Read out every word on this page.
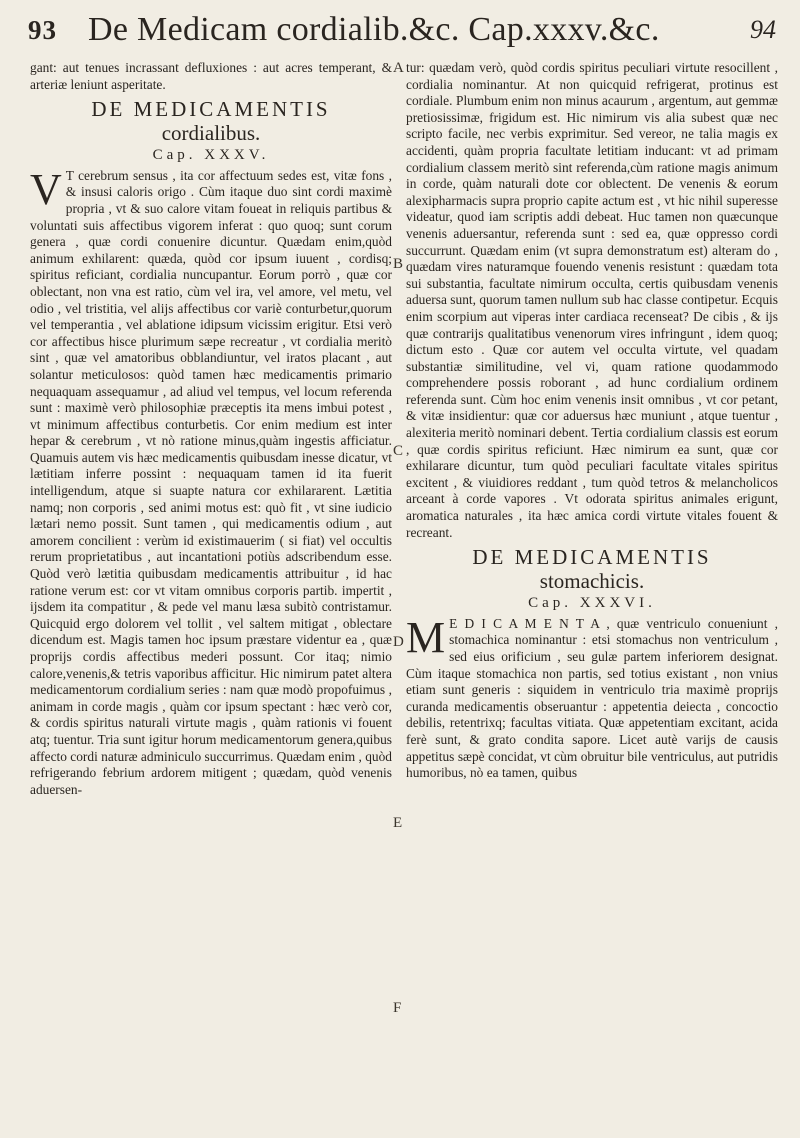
93 De Medicam cordialib.&c. Cap.xxxv.&c.	94

gant: aut tenues incrassant defluxiones : aut acres temperant, & arteriæ leniunt asperitate.

DE MEDICAMENTIS
cordialibus.
Cap. XXXV.

V T cerebrum sensus , ita cor affectuum sedes est, vitæ fons , & insusi caloris origo . Cùm itaque duo sint cordi maximè propria , vt & suo calore vitam foueat in reliquis partibus & voluntati suis affectibus vigorem inferat : quo quoq; sunt corum genera , quæ cordi conuenire dicuntur. Quædam enim,quòd animum exhilarent: quæda, quòd cor ipsum iuuent , cordisq; spiritus reficiant, cordialia nuncupantur. Eorum porrò , quæ cor oblectant, non vna est ratio, cùm vel ira, vel amore, vel metu, vel odio , vel tristitia, vel alijs affectibus cor variè conturbetur,quorum vel temperantia , vel ablatione idipsum vicissim erigitur. Etsi verò cor affectibus hisce plurimum sæpe recreatur , vt cordialia meritò sint , quæ vel amatoribus obblandiuntur, vel iratos placant , aut solantur meticulosos: quòd tamen hæc medicamentis primario nequaquam assequamur , ad aliud vel tempus, vel locum referenda sunt : maximè verò philosophiæ præceptis ita mens imbui potest , vt minimum affectibus conturbetis. Cor enim medium est inter hepar & cerebrum , vt nò ratione minus,quàm ingestis afficiatur. Quamuis autem vis hæc medicamentis quibusdam inesse dicatur, vt lætitiam inferre possint : nequaquam tamen id ita fuerit intelligendum, atque si suapte natura cor exhilararent. Lætitia namq; non corporis , sed animi motus est: quò fit , vt sine iudicio lætari nemo possit. Sunt tamen , qui medicamentis odium , aut amorem concilient : verùm id existimauerim ( si fiat) vel occultis rerum proprietatibus , aut incantationi potiùs adscribendum esse. Quòd verò lætitia quibusdam medicamentis attribuitur , id hac ratione verum est: cor vt vitam omnibus corporis partib. impertit , ijsdem ita compatitur , & pede vel manu læsa subitò contristamur. Quicquid ergo dolorem vel tollit , vel saltem mitigat , oblectare dicendum est. Magis tamen hoc ipsum præstare videntur ea , quæ proprijs cordis affectibus mederi possunt. Cor itaq; nimio calore,venenis,& tetris vaporibus afficitur. Hic nimirum patet altera medicamentorum cordialium series : nam quæ modò propofuimus , animam in corde magis , quàm cor ipsum spectant : hæc verò cor, & cordis spiritus naturali virtute magis , quàm rationis vi fouent atq; tuentur. Tria sunt igitur horum medicamentorum genera,quibus affecto cordi naturæ adminiculo succurrimus. Quædam enim , quòd refrigerando febrium ardorem mitigent ; quædam, quòd venenis aduersen-

tur: quædam verò, quòd cordis spiritus peculiari virtute resocillent , cordialia nominantur. At non quicquid refrigerat, protinus est cordiale. Plumbum enim non minus acaurum , argentum, aut gemmæ pretiosissimæ, frigidum est. Hic nimirum vis alia subest quæ nec scripto facile, nec verbis exprimitur. Sed vereor, ne talia magis ex accidenti, quàm propria facultate letitiam inducant: vt ad primam cordialium classem meritò sint referenda,cùm ratione magis animum in corde, quàm naturali dote cor oblectent. De venenis & eorum alexipharmacis supra proprio capite actum est , vt hic nihil superesse videatur, quod iam scriptis addi debeat. Huc tamen non quæcunque venenis aduersantur, referenda sunt : sed ea, quæ oppresso cordi succurrunt. Quædam enim (vt supra demonstratum est) alteram do , quædam vires naturamque fouendo venenis resistunt : quædam tota sui substantia, facultate nimirum occulta, certis quibusdam venenis aduersa sunt, quorum tamen nullum sub hac classe contipetur. Ecquis enim scorpium aut viperas inter cardiaca recenseat? De cibis , & ijs quæ contrarijs qualitatibus venenorum vires infringunt , idem quoq; dictum esto . Quæ cor autem vel occulta virtute, vel quadam substantiæ similitudine, vel vi, quam ratione quodammodo comprehendere possis roborant , ad hunc cordialium ordinem referenda sunt. Cùm hoc enim venenis insit omnibus , vt cor petant, & vitæ insidientur: quæ cor aduersus hæc muniunt , atque tuentur , alexiteria meritò nominari debent. Tertia cordialium classis est eorum , quæ cordis spiritus reficiunt. Hæc nimirum ea sunt, quæ cor exhilarare dicuntur, tum quòd peculiari facultate vitales spiritus excitent , & viuidiores reddant , tum quòd tetros & melancholicos arceant à corde vapores . Vt odorata spiritus animales erigunt, aromatica naturales , ita hæc amica cordi virtute vitales fouent & recreant.

DE MEDICAMENTIS
stomachicis.
Cap. XXXVI.

M E D I C A M E N T A , quæ ventriculo conueniunt , stomachica nominantur : etsi stomachus non ventriculum , sed eius orificium , seu gulæ partem inferiorem designat. Cùm itaque stomachica non partis, sed totius existant , non vnius etiam sunt generis : siquidem in ventriculo tria maximè proprijs curanda medicamentis obseruantur : appetentia deiecta , concoctio debilis, retentrixq; facultas vitiata. Quæ appetentiam excitant, acida ferè sunt, & grato condita sapore. Licet autè varijs de causis appetitus sæpè concidat, vt cùm obruitur bile ventriculus, aut putridis humoribus, nò ea tamen, quibus

A
B
C
D
E
F
